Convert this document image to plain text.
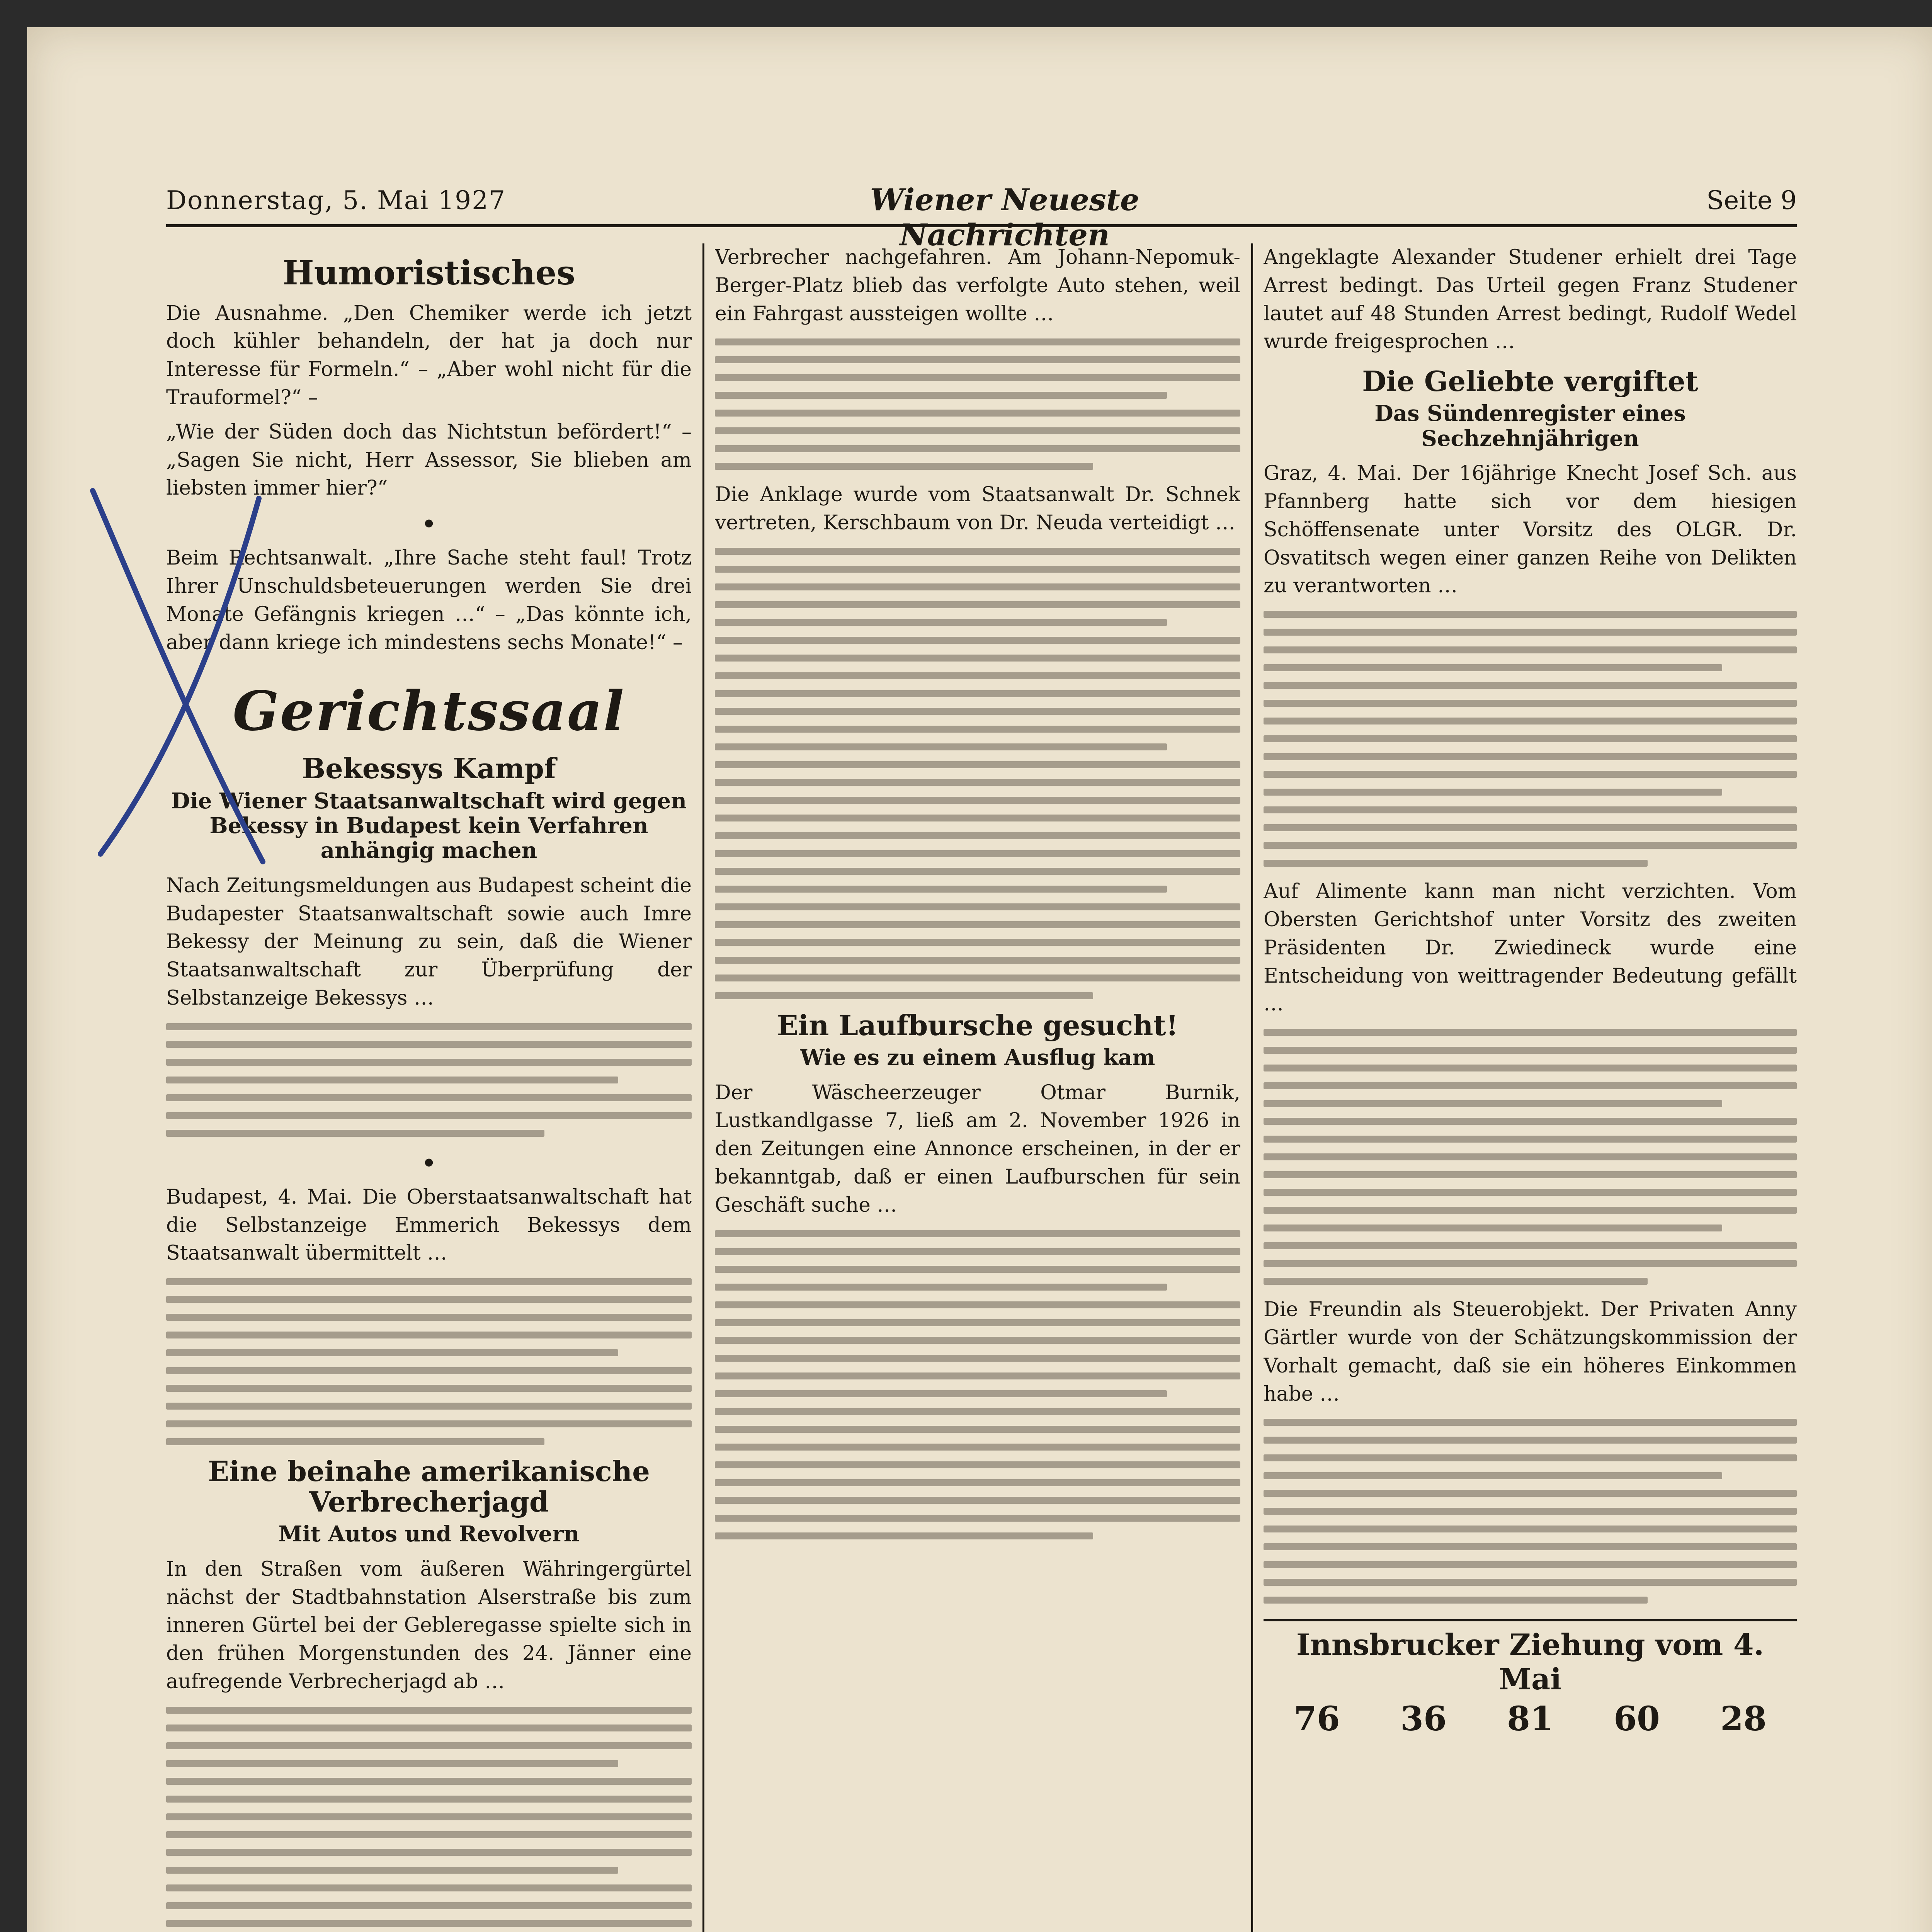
Donnerstag, 5. Mai 1927	Wiener Neueste Nachrichten
Seite 9
Humoristisches

Die Ausnahme. „Den Chemiker werde ich jetzt doch kühler behandeln, der hat ja doch nur Interesse für Formeln.“ – „Aber wohl nicht für die Trauformel?“ –

„Wie der Süden doch das Nichtstun befördert!“ – „Sagen Sie nicht, Herr Assessor, Sie blieben am liebsten immer hier?“

•

Beim Rechtsanwalt. „Ihre Sache steht faul! Trotz Ihrer Unschuldsbeteuerungen werden Sie drei Monate Gefängnis kriegen …“ – „Das könnte ich, aber dann kriege ich mindestens sechs Monate!“ –

Gerichtssaal
Bekessys Kampf
Die Wiener Staatsanwaltschaft wird gegen Bekessy in Budapest kein Verfahren anhängig machen

Nach Zeitungsmeldungen aus Budapest scheint die Budapester Staatsanwaltschaft sowie auch Imre Bekessy der Meinung zu sein, daß die Wiener Staatsanwaltschaft zur Überprüfung der Selbstanzeige Bekessys …

•

Budapest, 4. Mai. Die Oberstaatsanwaltschaft hat die Selbstanzeige Emmerich Bekessys dem Staatsanwalt übermittelt …

Eine beinahe amerikanische Verbrecherjagd
Mit Autos und Revolvern

In den Straßen vom äußeren Währingergürtel nächst der Stadtbahnstation Alserstraße bis zum inneren Gürtel bei der Gebleregasse spielte sich in den frühen Morgenstunden des 24. Jänner eine aufregende Verbrecherjagd ab …

Verbrecher nachgefahren. Am Johann-Nepomuk-Berger-Platz blieb das verfolgte Auto stehen, weil ein Fahrgast aussteigen wollte …

Die Anklage wurde vom Staatsanwalt Dr. Schnek vertreten, Kerschbaum von Dr. Neuda verteidigt …

Ein Laufbursche gesucht!
Wie es zu einem Ausflug kam

Der Wäscheerzeuger Otmar Burnik, Lustkandlgasse 7, ließ am 2. November 1926 in den Zeitungen eine Annonce erscheinen, in der er bekanntgab, daß er einen Laufburschen für sein Geschäft suche …

Angeklagte Alexander Studener erhielt drei Tage Arrest bedingt. Das Urteil gegen Franz Studener lautet auf 48 Stunden Arrest bedingt, Rudolf Wedel wurde freigesprochen …

Die Geliebte vergiftet
Das Sündenregister eines Sechzehnjährigen

Graz, 4. Mai. Der 16jährige Knecht Josef Sch. aus Pfannberg hatte sich vor dem hiesigen Schöffensenate unter Vorsitz des OLGR. Dr. Osvatitsch wegen einer ganzen Reihe von Delikten zu verantworten …

Auf Alimente kann man nicht verzichten. Vom Obersten Gerichtshof unter Vorsitz des zweiten Präsidenten Dr. Zwiedineck wurde eine Entscheidung von weittragender Bedeutung gefällt …

Die Freundin als Steuerobjekt. Der Privaten Anny Gärtler wurde von der Schätzungskommission der Vorhalt gemacht, daß sie ein höheres Einkommen habe …

Innsbrucker Ziehung vom 4. Mai
76 36 81 60 28
